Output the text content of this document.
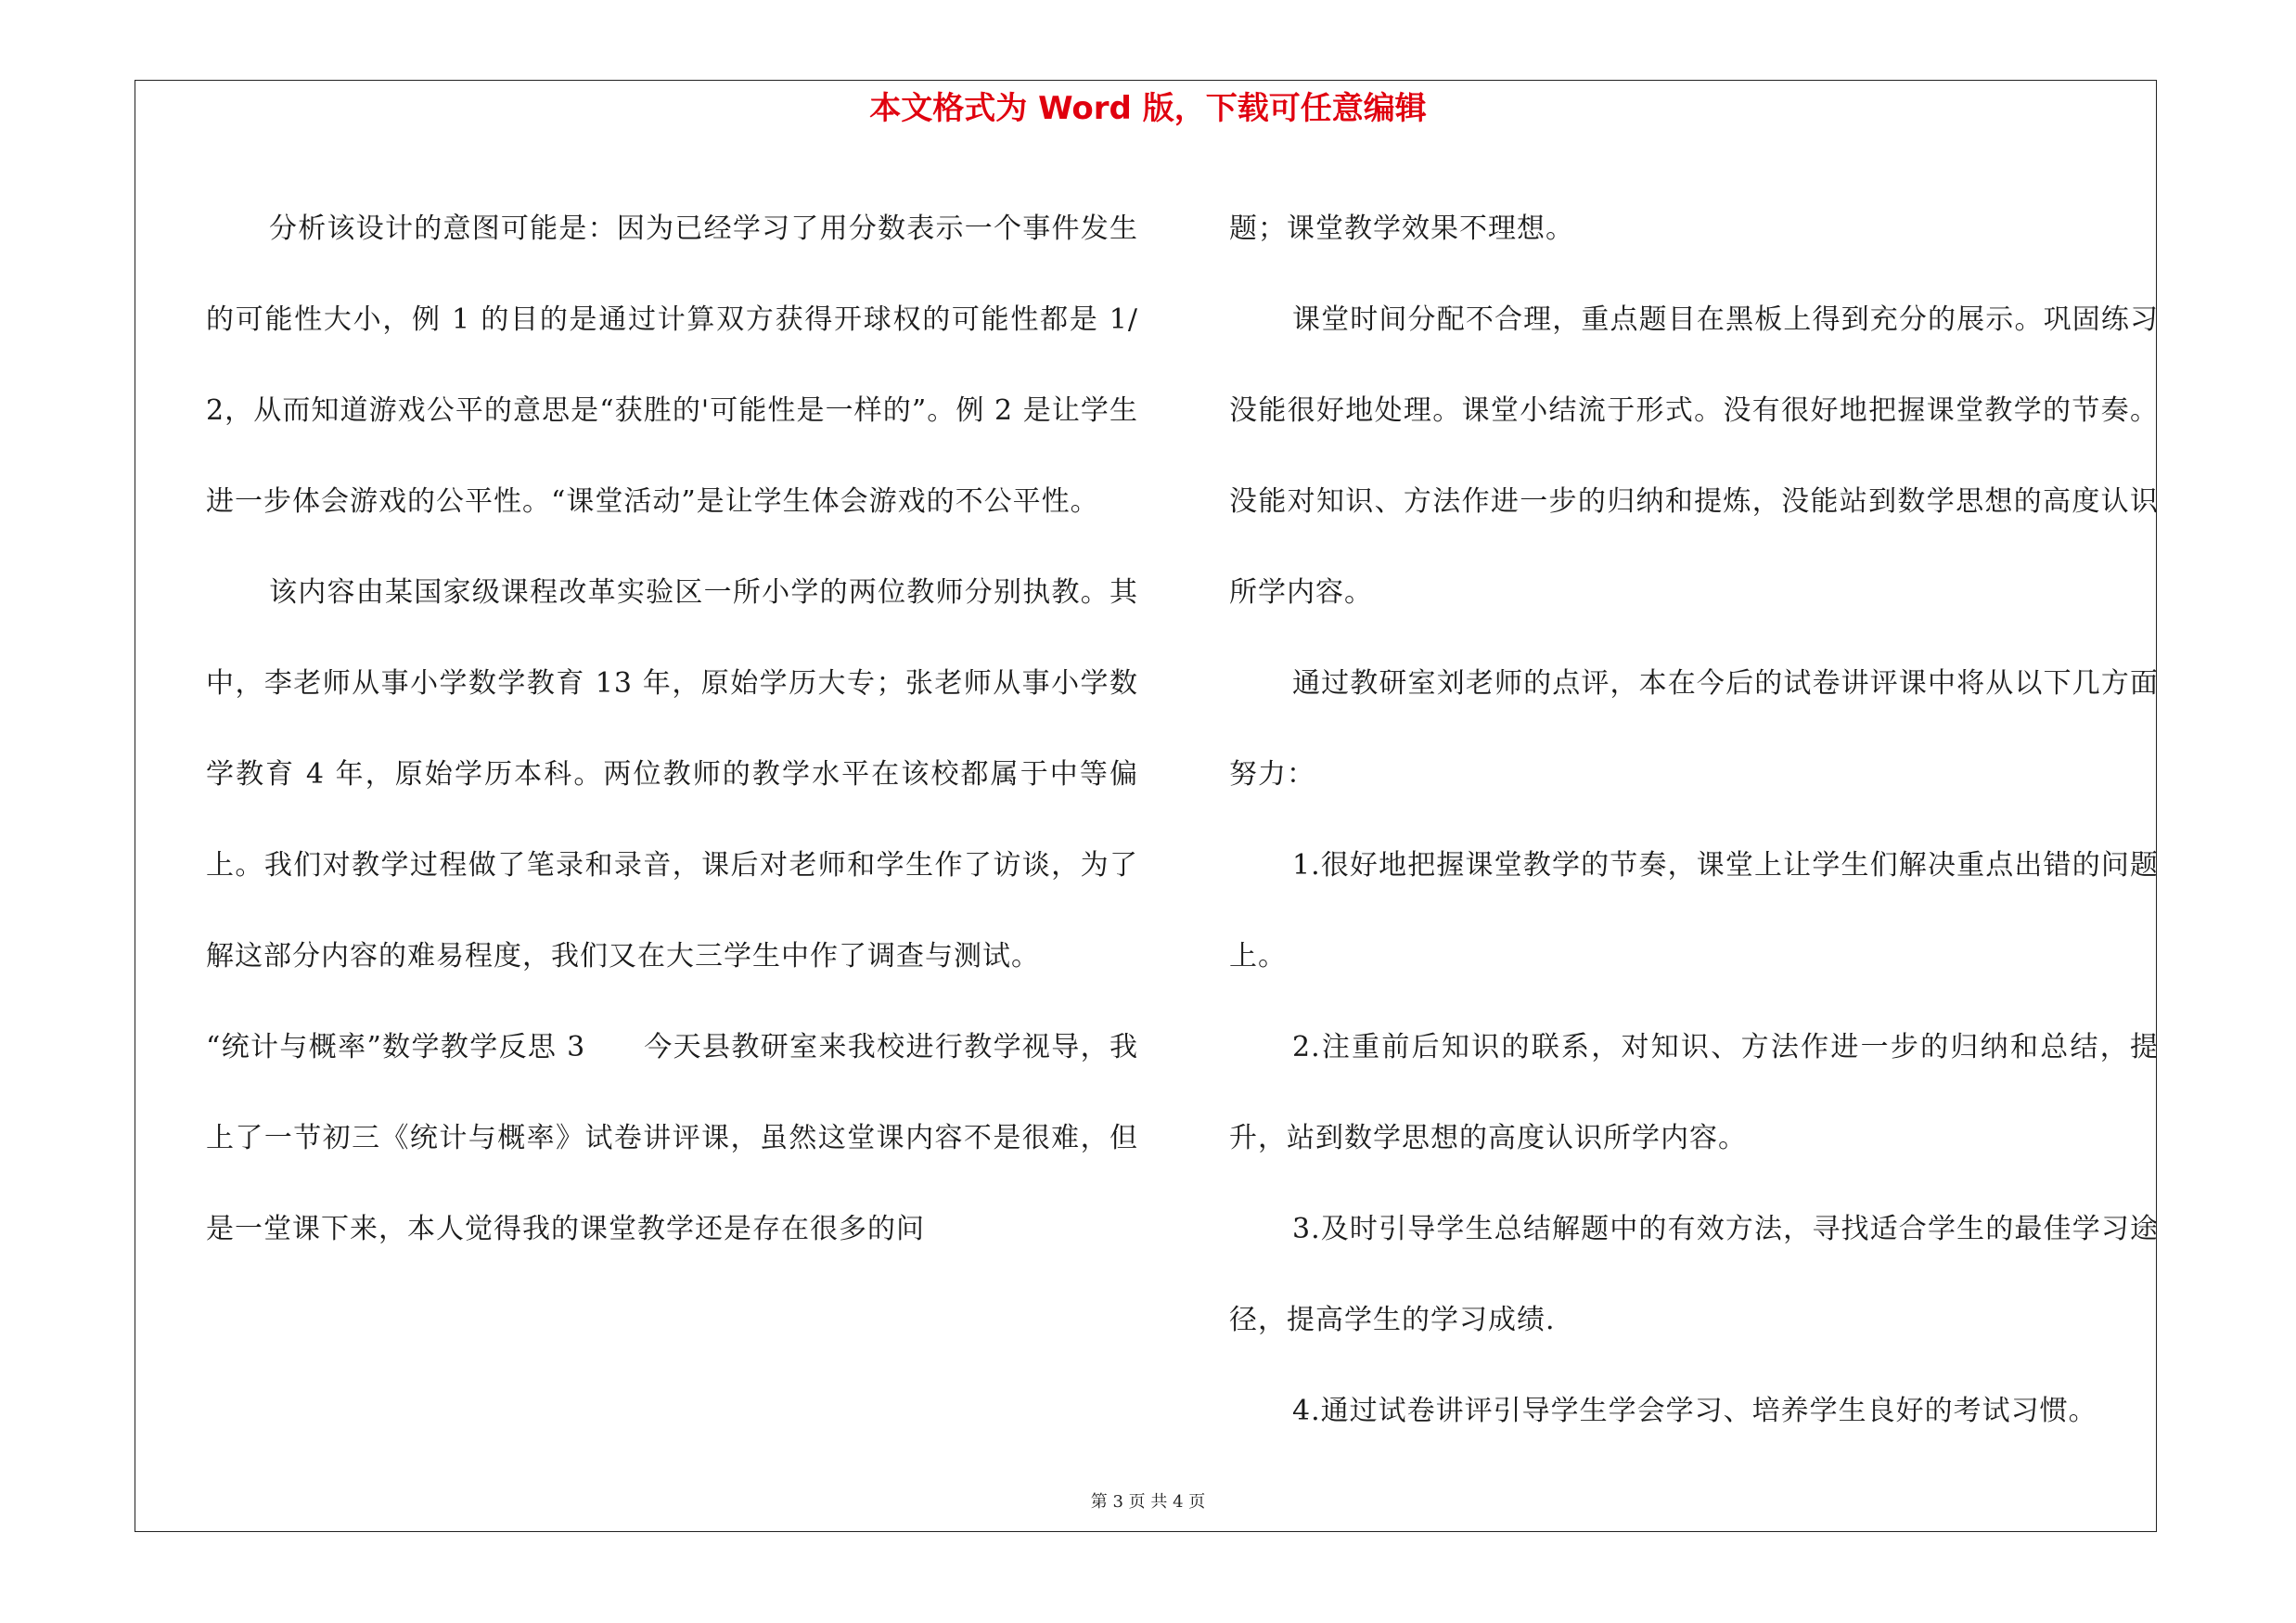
本文格式为 Word 版，下载可任意编辑

分析该设计的意图可能是：因为已经学习了用分数表示一个事件发生的可能性大小，例 1 的目的是通过计算双方获得开球权的可能性都是 1/2，从而知道游戏公平的意思是“获胜的'可能性是一样的”。例 2 是让学生进一步体会游戏的公平性。“课堂活动”是让学生体会游戏的不公平性。

该内容由某国家级课程改革实验区一所小学的两位教师分别执教。其中，李老师从事小学数学教育 13 年，原始学历大专；张老师从事小学数学教育 4 年，原始学历本科。两位教师的教学水平在该校都属于中等偏上。我们对教学过程做了笔录和录音，课后对老师和学生作了访谈，为了解这部分内容的难易程度，我们又在大三学生中作了调查与测试。

“统计与概率”数学教学反思 3　　今天县教研室来我校进行教学视导，我上了一节初三《统计与概率》试卷讲评课，虽然这堂课内容不是很难，但是一堂课下来，本人觉得我的课堂教学还是存在很多的问

题；课堂教学效果不理想。

课堂时间分配不合理，重点题目在黑板上得到充分的展示。巩固练习没能很好地处理。课堂小结流于形式。没有很好地把握课堂教学的节奏。没能对知识、方法作进一步的归纳和提炼，没能站到数学思想的高度认识所学内容。

通过教研室刘老师的点评，本在今后的试卷讲评课中将从以下几方面努力：

1.很好地把握课堂教学的节奏，课堂上让学生们解决重点出错的问题上。

2.注重前后知识的联系，对知识、方法作进一步的归纳和总结，提升，站到数学思想的高度认识所学内容。

3.及时引导学生总结解题中的有效方法，寻找适合学生的最佳学习途径，提高学生的学习成绩.

4.通过试卷讲评引导学生学会学习、培养学生良好的考试习惯。

第 3 页 共 4 页
